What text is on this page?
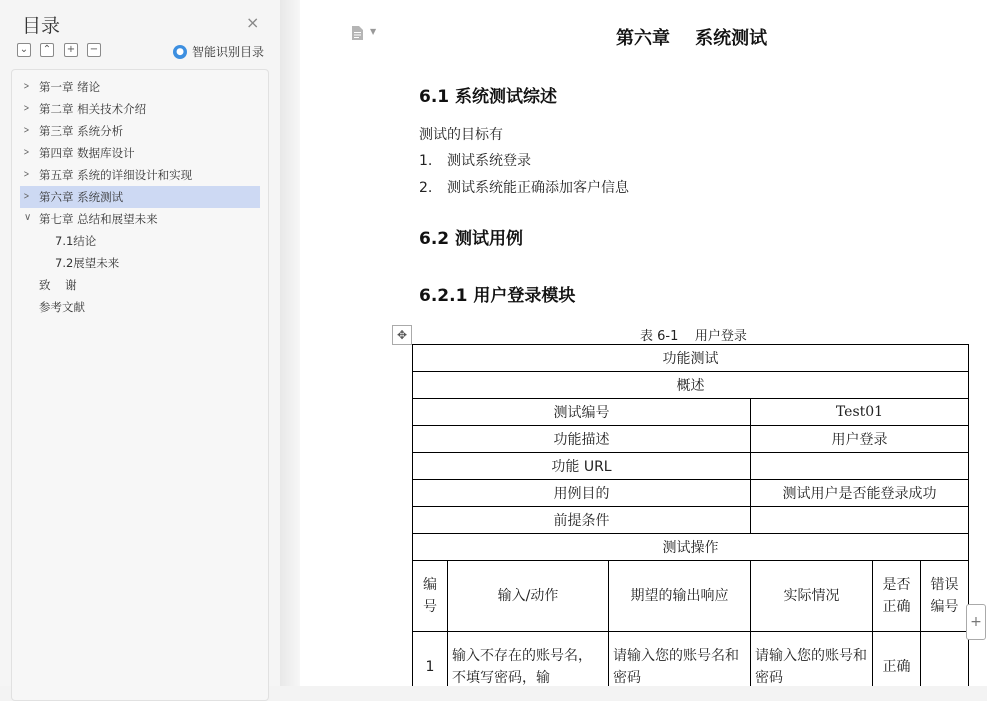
目录	×
⌄ ⌃ + −	● 智能识别目录
> 第一章 绪论
> 第二章 相关技术介绍
> 第三章 系统分析
> 第四章 数据库设计
> 第五章 系统的详细设计和实现
> 第六章 系统测试
∨ 第七章 总结和展望未来
7.1结论
7.2展望未来
致    谢
参考文献
▼	第六章    系统测试
6.1 系统测试综述
测试的目标有
1. 测试系统登录
2. 测试系统能正确添加客户信息
6.2 测试用例
6.2.1 用户登录模块
✥	表 6-1    用户登录
功能测试					
概述					
测试编号			Test01		
功能描述			用户登录		
功能 URL					
用例目的			测试用户是否能登录成功		
前提条件					
测试操作					
编号	输入/动作	期望的输出响应	实际情况	是否正确	错误编号
1	输入不存在的账号名，不填写密码，输	请输入您的账号名和密码	请输入您的账号和密码	正确	
+
